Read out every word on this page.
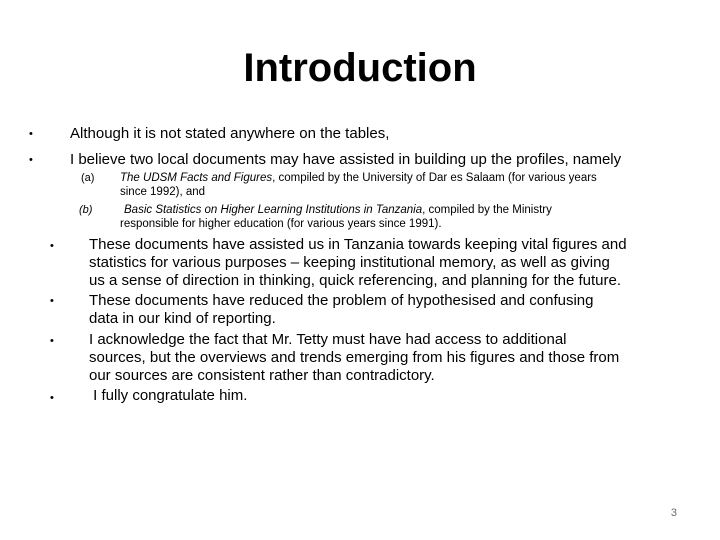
Introduction
• Although it is not stated anywhere on the tables,
• I believe two local documents may have assisted in building up the profiles, namely
(a) The UDSM Facts and Figures, compiled by the University of Dar es Salaam (for various years
since 1992), and
(b)	Basic Statistics on Higher Learning Institutions in Tanzania, compiled by the Ministry
responsible for higher education (for various years since 1991).
• These documents have assisted us in Tanzania towards keeping vital figures and
statistics for various purposes – keeping institutional memory, as well as giving
us a sense of direction in thinking, quick referencing, and planning for the future.
• These documents have reduced the problem of hypothesised and confusing
data in our kind of reporting.
• I acknowledge the fact that Mr. Tetty must have had access to additional
sources, but the overviews and trends emerging from his figures and those from
our sources are consistent rather than contradictory.
• I fully congratulate him.
3
